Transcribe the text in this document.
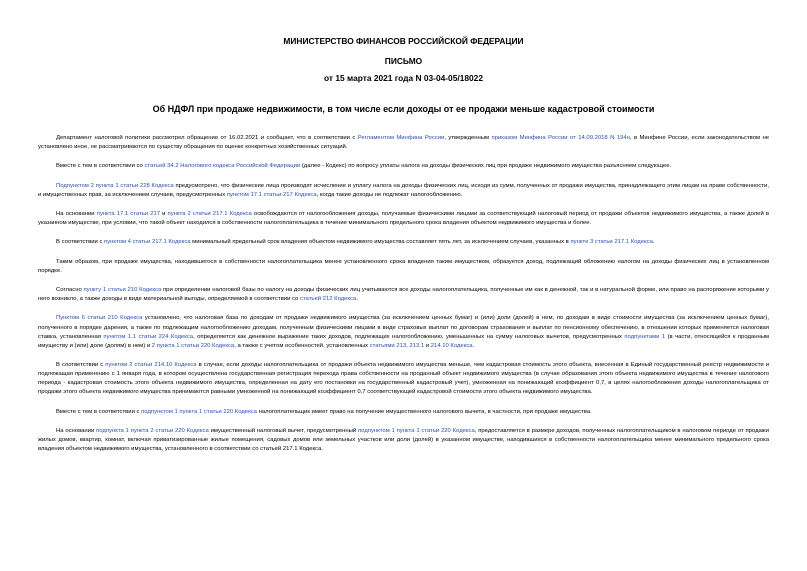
МИНИСТЕРСТВО ФИНАНСОВ РОССИЙСКОЙ ФЕДЕРАЦИИ

ПИСЬМО

от 15 марта 2021 года N 03-04-05/18022

Об НДФЛ при продаже недвижимости, в том числе если доходы от ее продажи меньше кадастровой стоимости

Департамент налоговой политики рассмотрел обращение от 16.02.2021 и сообщает, что в соответствии с Регламентом Минфина России, утвержденным приказом Минфина России от 14.09.2018 N 194н, в Минфине России, если законодательством не установлено иное, не рассматриваются по существу обращения по оценке конкретных хозяйственных ситуаций.

Вместе с тем в соответствии со статьей 34.2 Налогового кодекса Российской Федерации (далее - Кодекс) по вопросу уплаты налога на доходы физических лиц при продаже недвижимого имущества разъясняем следующее.

Подпунктом 2 пункта 1 статьи 228 Кодекса предусмотрено, что физические лица производят исчисление и уплату налога на доходы физических лиц, исходя из сумм, полученных от продажи имущества, принадлежащего этим лицам на праве собственности, и имущественных прав, за исключением случаев, предусмотренных пунктом 17.1 статьи 217 Кодекса, когда такие доходы не подлежат налогообложению.

На основании пункта 17.1 статьи 217 и пункта 2 статьи 217.1 Кодекса освобождаются от налогообложения доходы, получаемые физическими лицами за соответствующий налоговый период от продажи объектов недвижимого имущества, а также долей в указанном имуществе, при условии, что такой объект находился в собственности налогоплательщика в течение минимального предельного срока владения объектом недвижимого имущества и более.

В соответствии с пунктом 4 статьи 217.1 Кодекса минимальный предельный срок владения объектом недвижимого имущества составляет пять лет, за исключением случаев, указанных в пункте 3 статьи 217.1 Кодекса.

Таким образом, при продаже имущества, находившегося в собственности налогоплательщика менее установленного срока владения таким имуществом, образуется доход, подлежащий обложению налогом на доходы физических лиц в установленном порядке.

Согласно пункту 1 статьи 210 Кодекса при определении налоговой базы по налогу на доходы физических лиц учитываются все доходы налогоплательщика, полученные им как в денежной, так и в натуральной форме, или право на распоряжение которыми у него возникло, а также доходы в виде материальной выгоды, определяемой в соответствии со статьей 212 Кодекса.

Пунктом 6 статьи 210 Кодекса установлено, что налоговая база по доходам от продажи недвижимого имущества (за исключением ценных бумаг) и (или) доли (долей) в нем, по доходам в виде стоимости имущества (за исключением ценных бумаг), полученного в порядке дарения, а также по подлежащим налогообложению доходам, полученным физическими лицами в виде страховых выплат по договорам страхования и выплат по пенсионному обеспечению, в отношении которых применяется налоговая ставка, установленная пунктом 1.1 статьи 224 Кодекса, определяется как денежное выражение таких доходов, подлежащих налогообложению, уменьшенных на сумму налоговых вычетов, предусмотренных подпунктами 1 (в части, относящейся к проданным имуществу и (или) доле (долям) в нем) и 2 пункта 1 статьи 220 Кодекса, а также с учетом особенностей, установленных статьями 213, 213.1 и 214.10 Кодекса.

В соответствии с пунктом 2 статьи 214.10 Кодекса в случае, если доходы налогоплательщика от продажи объекта недвижимого имущества меньше, чем кадастровая стоимость этого объекта, внесенная в Единый государственный реестр недвижимости и подлежащая применению с 1 января года, в котором осуществлена государственная регистрация перехода права собственности на проданный объект недвижимого имущества (в случае образования этого объекта недвижимого имущества в течение налогового периода - кадастровая стоимость этого объекта недвижимого имущества, определенная на дату его постановки на государственный кадастровый учет), умноженная на понижающий коэффициент 0,7, в целях налогообложения доходы налогоплательщика от продажи этого объекта недвижимого имущества принимаются равными умноженной на понижающий коэффициент 0,7 соответствующей кадастровой стоимости этого объекта недвижимого имущества.

Вместе с тем в соответствии с подпунктом 1 пункта 1 статьи 220 Кодекса налогоплательщик имеет право на получение имущественного налогового вычета, в частности, при продаже имущества.

На основании подпункта 1 пункта 2 статьи 220 Кодекса имущественный налоговый вычет, предусмотренный подпунктом 1 пункта 1 статьи 220 Кодекса, предоставляется в размере доходов, полученных налогоплательщиком в налоговом периоде от продажи жилых домов, квартир, комнат, включая приватизированные жилые помещения, садовых домов или земельных участков или доли (долей) в указанном имуществе, находившихся в собственности налогоплательщика менее минимального предельного срока владения объектом недвижимого имущества, установленного в соответствии со статьей 217.1 Кодекса.
